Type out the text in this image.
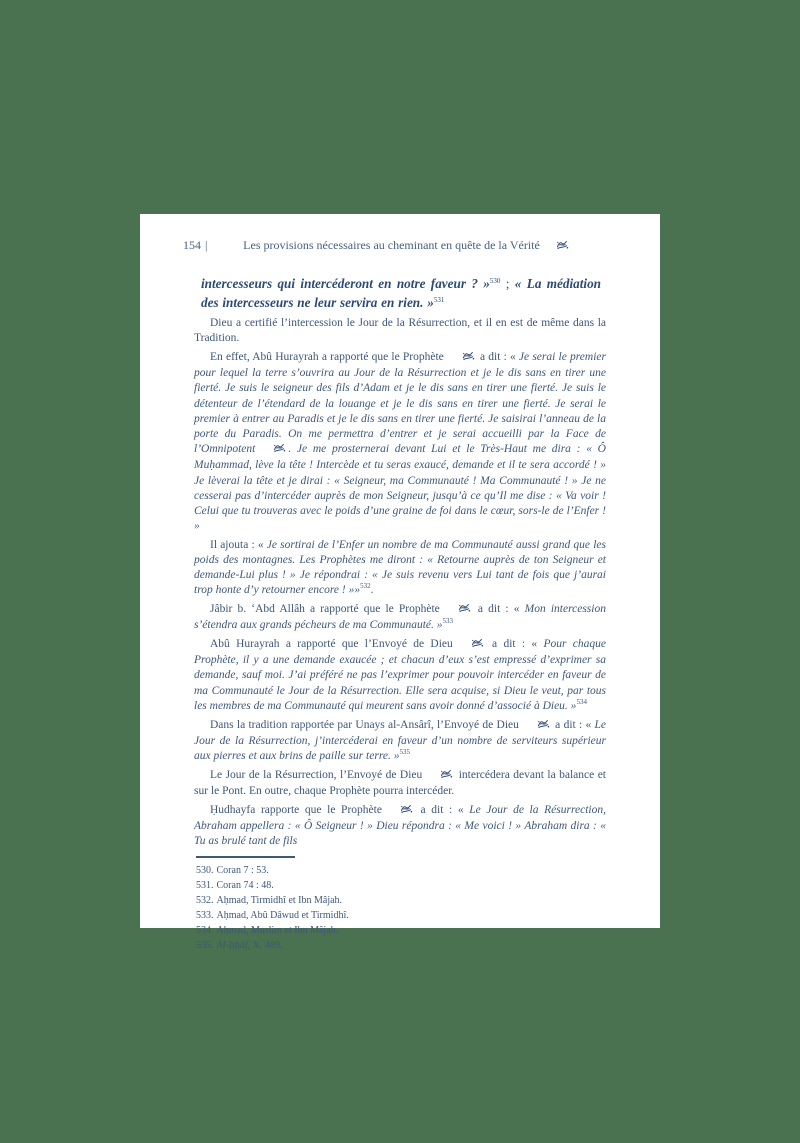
154 |	Les provisions nécessaires au cheminant en quête de la Vérité

intercesseurs qui intercéderont en notre faveur ? »$^{530}$ ; « La médiation des intercesseurs ne leur servira en rien. »$^{531}$

Dieu a certifié l’intercession le Jour de la Résurrection, et il en est de même dans la Tradition.

En effet, Abû Hurayrah a rapporté que le Prophète	a dit : « Je serai le premier pour lequel la terre s’ouvrira au Jour de la Résurrection et je le dis sans en tirer une fierté. Je suis le seigneur des fils d’Adam et je le dis sans en tirer une fierté. Je suis le détenteur de l’étendard de la louange et je le dis sans en tirer une fierté. Je serai le premier à entrer au Paradis et je le dis sans en tirer une fierté. Je saisirai l’anneau de la porte du Paradis. On me permettra d’entrer et je serai accueilli par la Face de l’Omnipotent	. Je me prosternerai devant Lui et le Très-Haut me dira : « Ô Muḥammad, lève la tête ! Intercède et tu seras exaucé, demande et il te sera accordé ! » Je lèverai la tête et je dirai : « Seigneur, ma Communauté ! Ma Communauté ! » Je ne cesserai pas d’intercéder auprès de mon Seigneur, jusqu’à ce qu’Il me dise : « Va voir ! Celui que tu trouveras avec le poids d’une graine de foi dans le cœur, sors-le de l’Enfer ! »

Il ajouta : « Je sortirai de l’Enfer un nombre de ma Communauté aussi grand que les poids des montagnes. Les Prophètes me diront : « Retourne auprès de ton Seigneur et demande-Lui plus ! » Je répondrai : « Je suis revenu vers Lui tant de fois que j’aurai trop honte d’y retourner encore ! »»$^{532}$.

Jâbir b. ‘Abd Allâh a rapporté que le Prophète	a dit : « Mon intercession s’étendra aux grands pécheurs de ma Communauté. »$^{533}$

Abû Hurayrah a rapporté que l’Envoyé de Dieu	a dit : « Pour chaque Prophète, il y a une demande exaucée ; et chacun d’eux s’est empressé d’exprimer sa demande, sauf moi. J’ai préféré ne pas l’exprimer pour pouvoir intercéder en faveur de ma Communauté le Jour de la Résurrection. Elle sera acquise, si Dieu le veut, par tous les membres de ma Communauté qui meurent sans avoir donné d’associé à Dieu. »$^{534}$

Dans la tradition rapportée par Unays al-Ansârî, l’Envoyé de Dieu	a dit : « Le Jour de la Résurrection, j’intercéderai en faveur d’un nombre de serviteurs supérieur aux pierres et aux brins de paille sur terre. »$^{535}$

Le Jour de la Résurrection, l’Envoyé de Dieu	intercédera devant la balance et sur le Pont. En outre, chaque Prophète pourra intercéder.

Ḥudhayfa rapporte que le Prophète	a dit : « Le Jour de la Résurrection, Abraham appellera : « Ô Seigneur ! » Dieu répondra : « Me voici ! » Abraham dira : « Tu as brulé tant de fils

530. Coran 7 : 53.
531. Coran 74 : 48.
532. Aḥmad, Tirmidhî et Ibn Mâjah.
533. Aḥmad, Abû Dâwud et Tirmidhî.
534. Aḥmad, Muslim et Ibn Mâjah.
535. Al-Itḥâf, X, 489.
